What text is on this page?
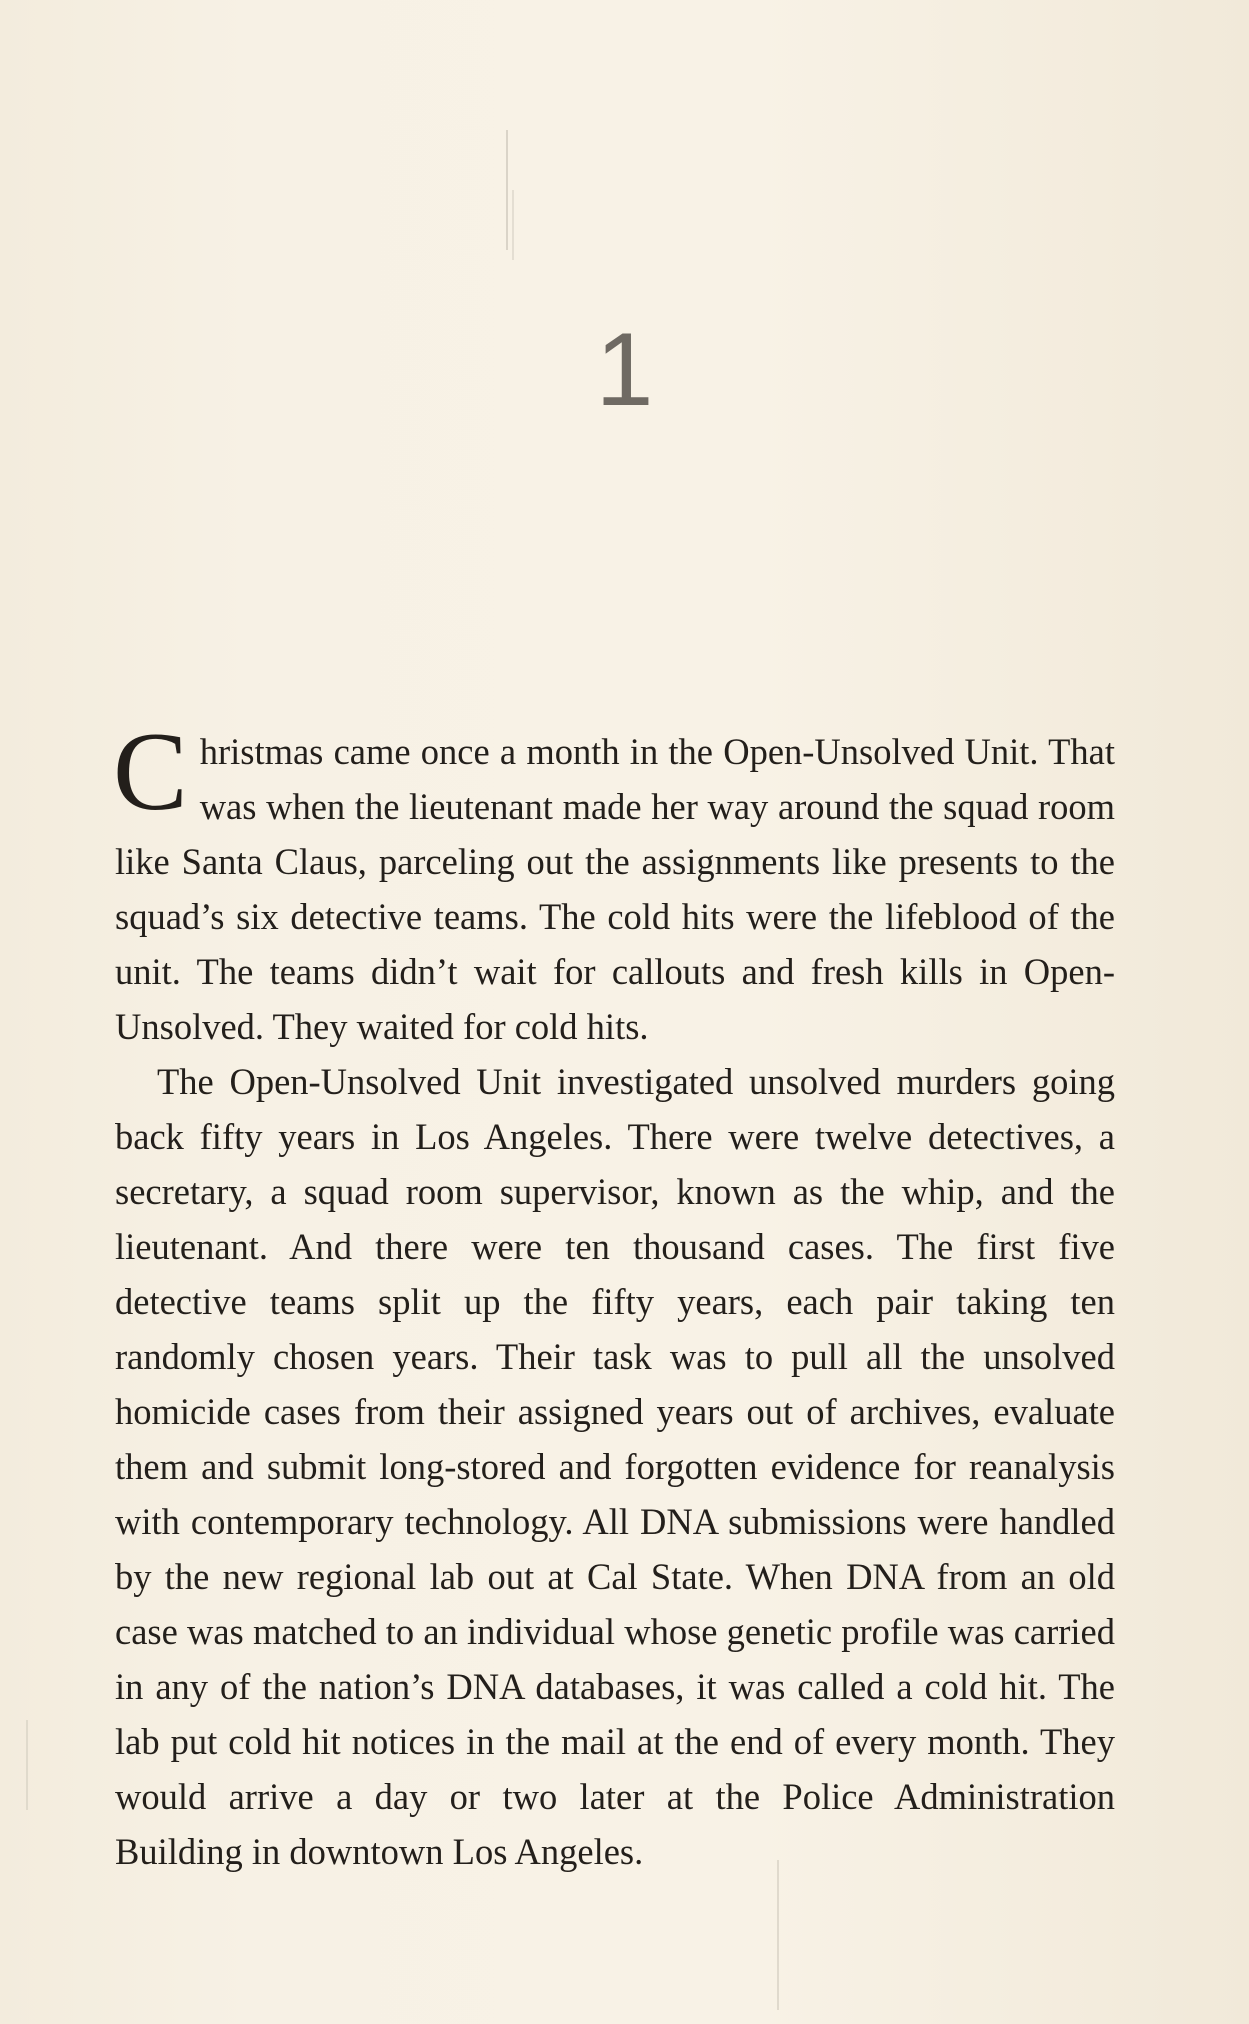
1

Christmas came once a month in the Open-Unsolved Unit. That was when the lieutenant made her way around the squad room like Santa Claus, parceling out the assignments like presents to the squad’s six detective teams. The cold hits were the lifeblood of the unit. The teams didn’t wait for callouts and fresh kills in Open-Unsolved. They waited for cold hits.

The Open-Unsolved Unit investigated unsolved murders going back fifty years in Los Angeles. There were twelve detectives, a secretary, a squad room supervisor, known as the whip, and the lieutenant. And there were ten thousand cases. The first five detective teams split up the fifty years, each pair taking ten randomly chosen years. Their task was to pull all the unsolved homicide cases from their assigned years out of archives, evaluate them and submit long-stored and forgotten evidence for reanalysis with contemporary technology. All DNA submissions were handled by the new regional lab out at Cal State. When DNA from an old case was matched to an individual whose genetic profile was carried in any of the nation’s DNA databases, it was called a cold hit. The lab put cold hit notices in the mail at the end of every month. They would arrive a day or two later at the Police Administration Building in downtown Los Angeles.
